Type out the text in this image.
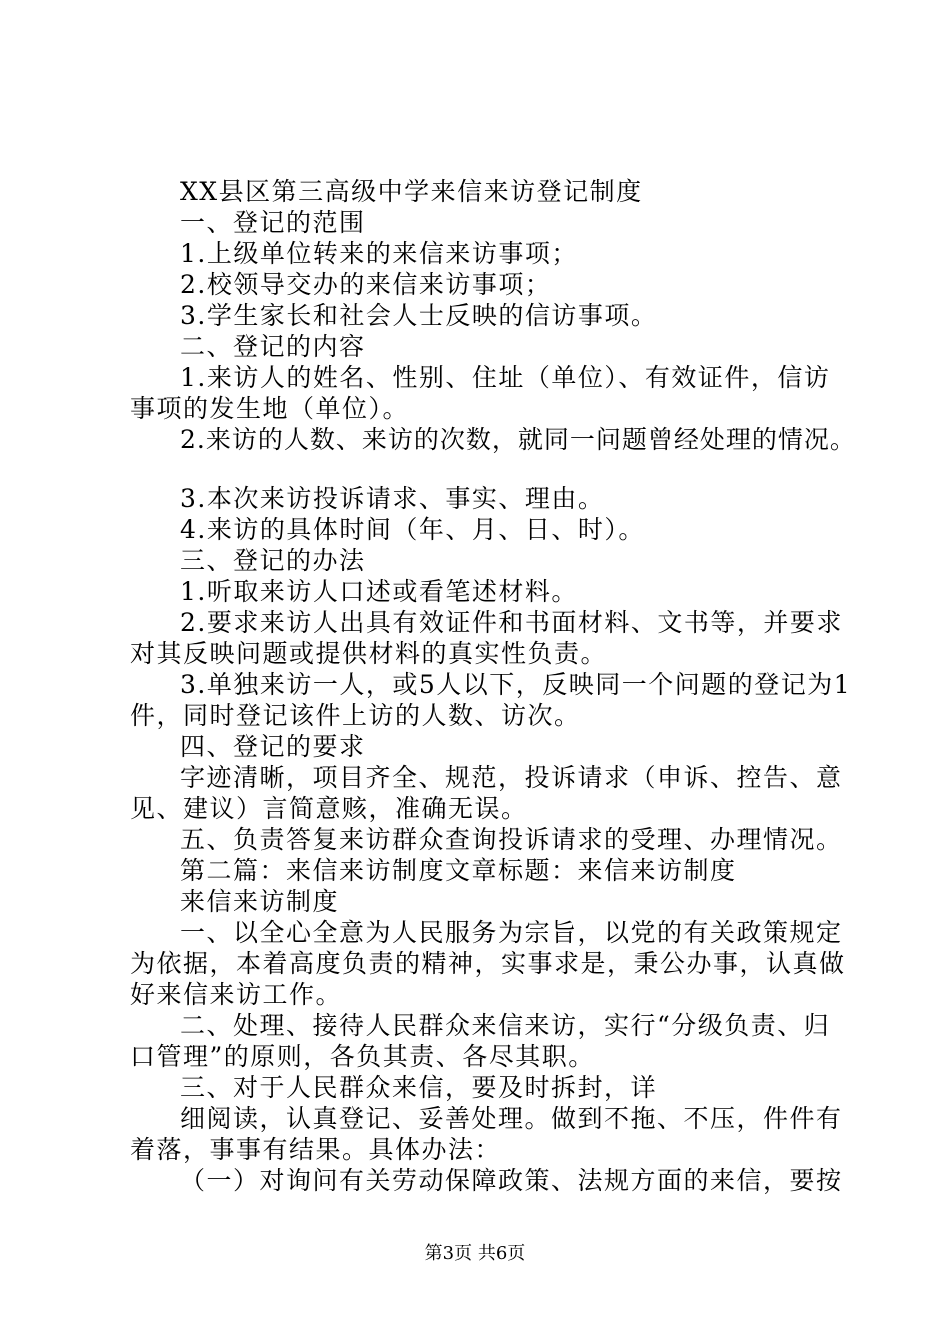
XX县区第三高级中学来信来访登记制度
一、登记的范围
1.上级单位转来的来信来访事项；
2.校领导交办的来信来访事项；
3.学生家长和社会人士反映的信访事项。
二、登记的内容
1.来访人的姓名、性别、住址（单位）、有效证件，信访
事项的发生地（单位）。
2.来访的人数、来访的次数，就同一问题曾经处理的情况。
3.本次来访投诉请求、事实、理由。
4.来访的具体时间（年、月、日、时）。
三、登记的办法
1.听取来访人口述或看笔述材料。
2.要求来访人出具有效证件和书面材料、文书等，并要求
对其反映问题或提供材料的真实性负责。
3.单独来访一人，或5人以下，反映同一个问题的登记为1
件，同时登记该件上访的人数、访次。
四、登记的要求
字迹清晰，项目齐全、规范，投诉请求（申诉、控告、意
见、建议）言简意赅，准确无误。
五、负责答复来访群众查询投诉请求的受理、办理情况。
第二篇：来信来访制度文章标题：来信来访制度
来信来访制度
一、以全心全意为人民服务为宗旨，以党的有关政策规定
为依据，本着高度负责的精神，实事求是，秉公办事，认真做
好来信来访工作。
二、处理、接待人民群众来信来访，实行“分级负责、归
口管理”的原则，各负其责、各尽其职。
三、对于人民群众来信，要及时拆封，详
细阅读，认真登记、妥善处理。做到不拖、不压，件件有
着落，事事有结果。具体办法：
（一）对询问有关劳动保障政策、法规方面的来信，要按
第3页 共6页
